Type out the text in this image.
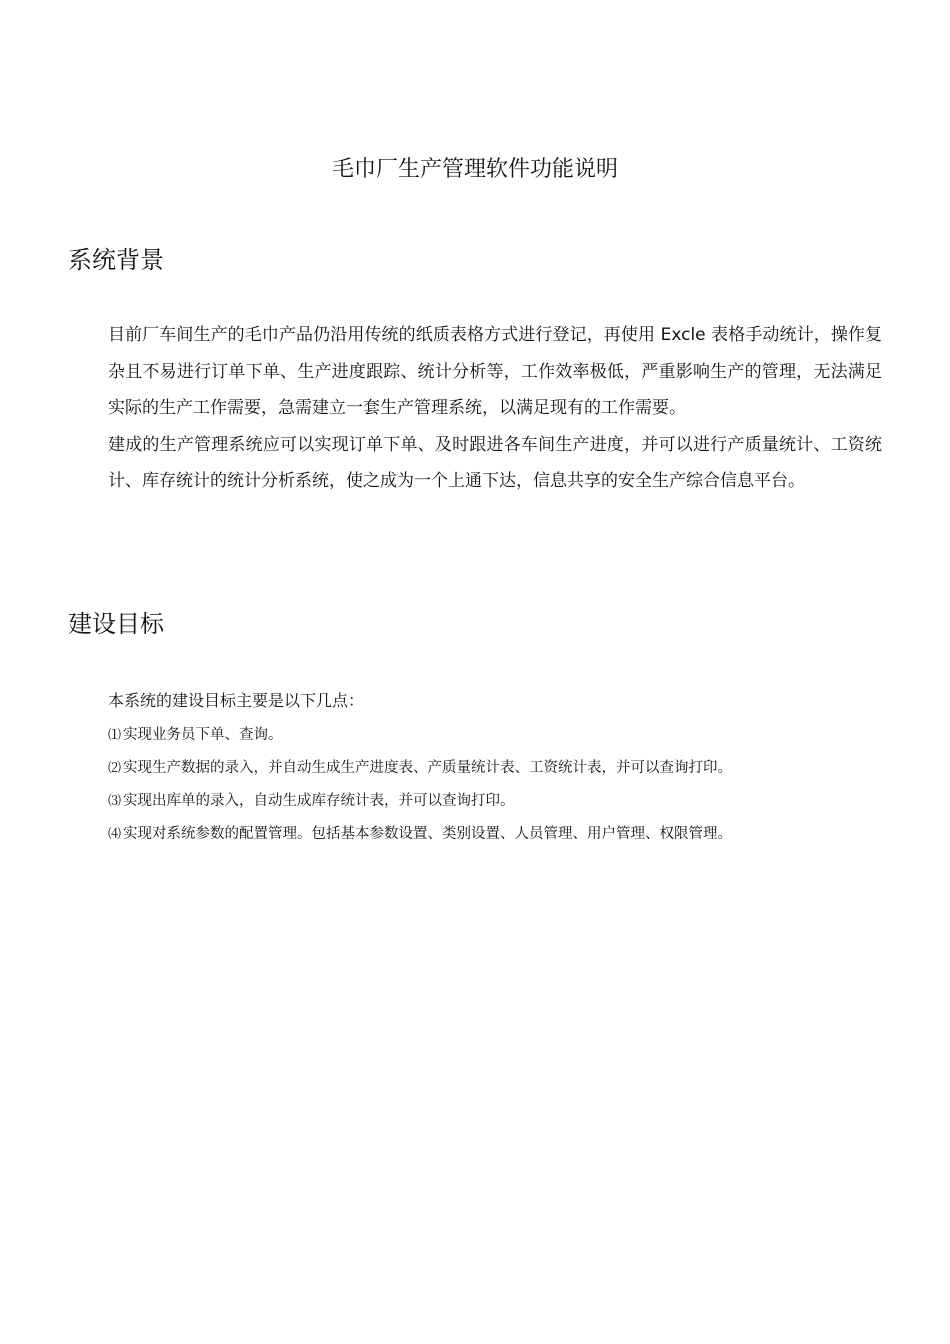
毛巾厂生产管理软件功能说明
系统背景

目前厂车间生产的毛巾产品仍沿用传统的纸质表格方式进行登记，再使用 Excle 表格手动统计，操作复杂且不易进行订单下单、生产进度跟踪、统计分析等，工作效率极低，严重影响生产的管理，无法满足实际的生产工作需要，急需建立一套生产管理系统，以满足现有的工作需要。

建成的生产管理系统应可以实现订单下单、及时跟进各车间生产进度，并可以进行产质量统计、工资统计、库存统计的统计分析系统，使之成为一个上通下达，信息共享的安全生产综合信息平台。

建设目标
本系统的建设目标主要是以下几点：
⑴ 实现业务员下单、查询。
⑵ 实现生产数据的录入，并自动生成生产进度表、产质量统计表、工资统计表，并可以查询打印。
⑶ 实现出库单的录入，自动生成库存统计表，并可以查询打印。
⑷ 实现对系统参数的配置管理。包括基本参数设置、类别设置、人员管理、用户管理、权限管理。
